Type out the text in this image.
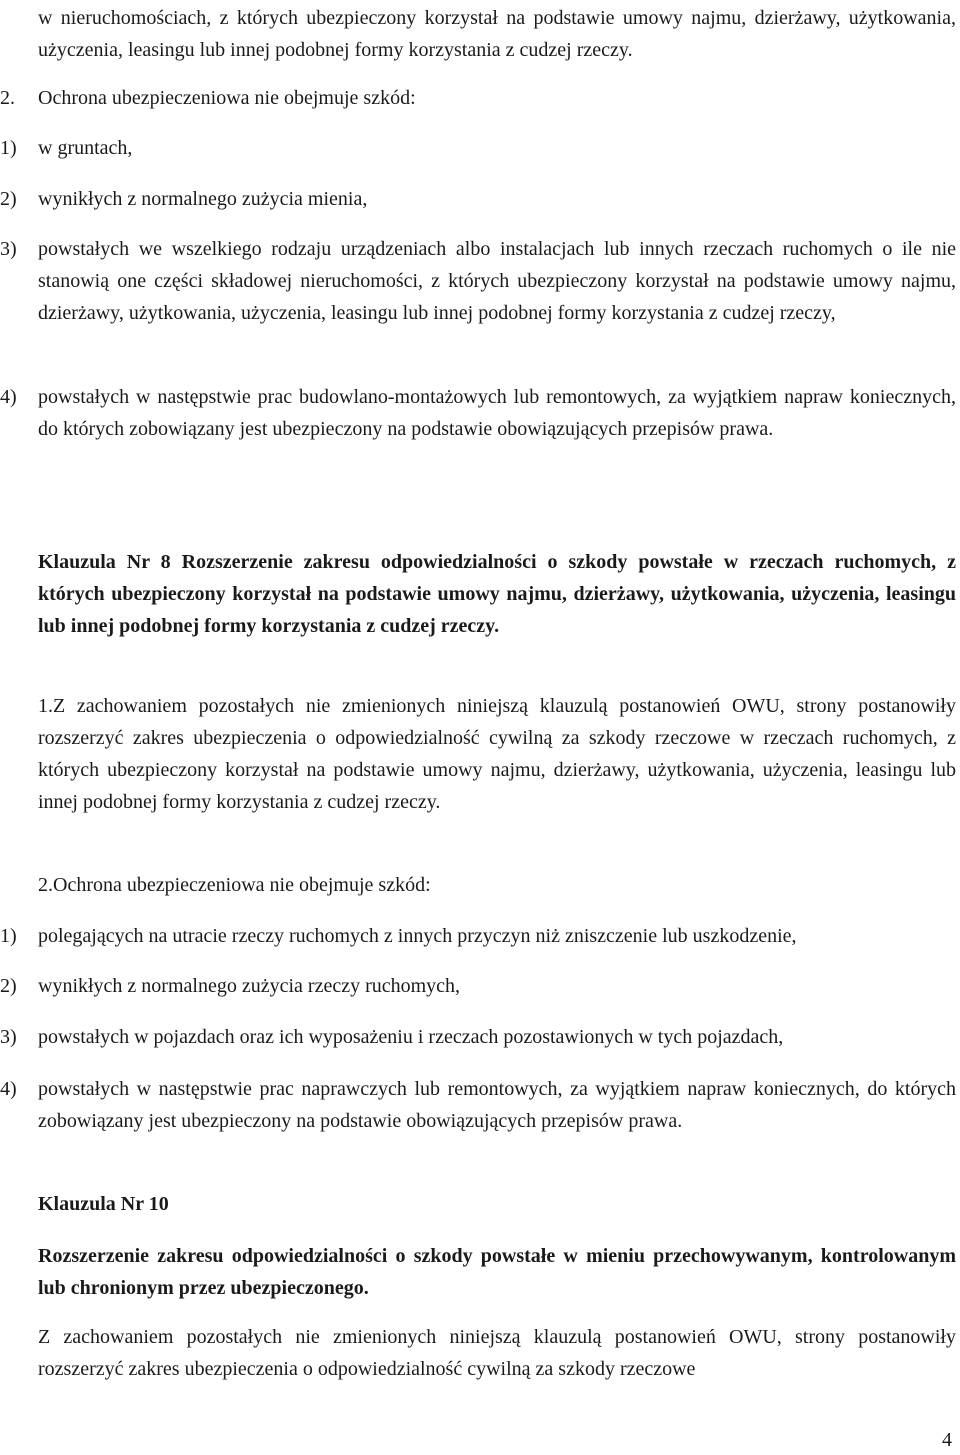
w nieruchomościach, z których ubezpieczony korzystał na podstawie umowy najmu, dzierżawy, użytkowania, użyczenia, leasingu lub innej podobnej formy korzystania z cudzej rzeczy.

2. Ochrona ubezpieczeniowa nie obejmuje szkód:
1) w gruntach,
2) wynikłych z normalnego zużycia mienia,
3) powstałych we wszelkiego rodzaju urządzeniach albo instalacjach lub innych rzeczach ruchomych o ile nie stanowią one części składowej nieruchomości, z których ubezpieczony korzystał na podstawie umowy najmu, dzierżawy, użytkowania, użyczenia, leasingu lub innej podobnej formy korzystania z cudzej rzeczy,
4) powstałych w następstwie prac budowlano-montażowych lub remontowych, za wyjątkiem napraw koniecznych, do których zobowiązany jest ubezpieczony na podstawie obowiązujących przepisów prawa.

Klauzula Nr 8 Rozszerzenie zakresu odpowiedzialności o szkody powstałe w rzeczach ruchomych, z których ubezpieczony korzystał na podstawie umowy najmu, dzierżawy, użytkowania, użyczenia, leasingu lub innej podobnej formy korzystania z cudzej rzeczy.

1.Z zachowaniem pozostałych nie zmienionych niniejszą klauzulą postanowień OWU, strony postanowiły rozszerzyć zakres ubezpieczenia o odpowiedzialność cywilną za szkody rzeczowe w rzeczach ruchomych, z których ubezpieczony korzystał na podstawie umowy najmu, dzierżawy, użytkowania, użyczenia, leasingu lub innej podobnej formy korzystania z cudzej rzeczy.

2.Ochrona ubezpieczeniowa nie obejmuje szkód:

1) polegających na utracie rzeczy ruchomych z innych przyczyn niż zniszczenie lub uszkodzenie,
2) wynikłych z normalnego zużycia rzeczy ruchomych,
3) powstałych w pojazdach oraz ich wyposażeniu i rzeczach pozostawionych w tych pojazdach,
4) powstałych w następstwie prac naprawczych lub remontowych, za wyjątkiem napraw koniecznych, do których zobowiązany jest ubezpieczony na podstawie obowiązujących przepisów prawa.

Klauzula Nr 10

Rozszerzenie zakresu odpowiedzialności o szkody powstałe w mieniu przechowywanym, kontrolowanym lub chronionym przez ubezpieczonego.

Z zachowaniem pozostałych nie zmienionych niniejszą klauzulą postanowień OWU, strony postanowiły rozszerzyć zakres ubezpieczenia o odpowiedzialność cywilną za szkody rzeczowe

4
